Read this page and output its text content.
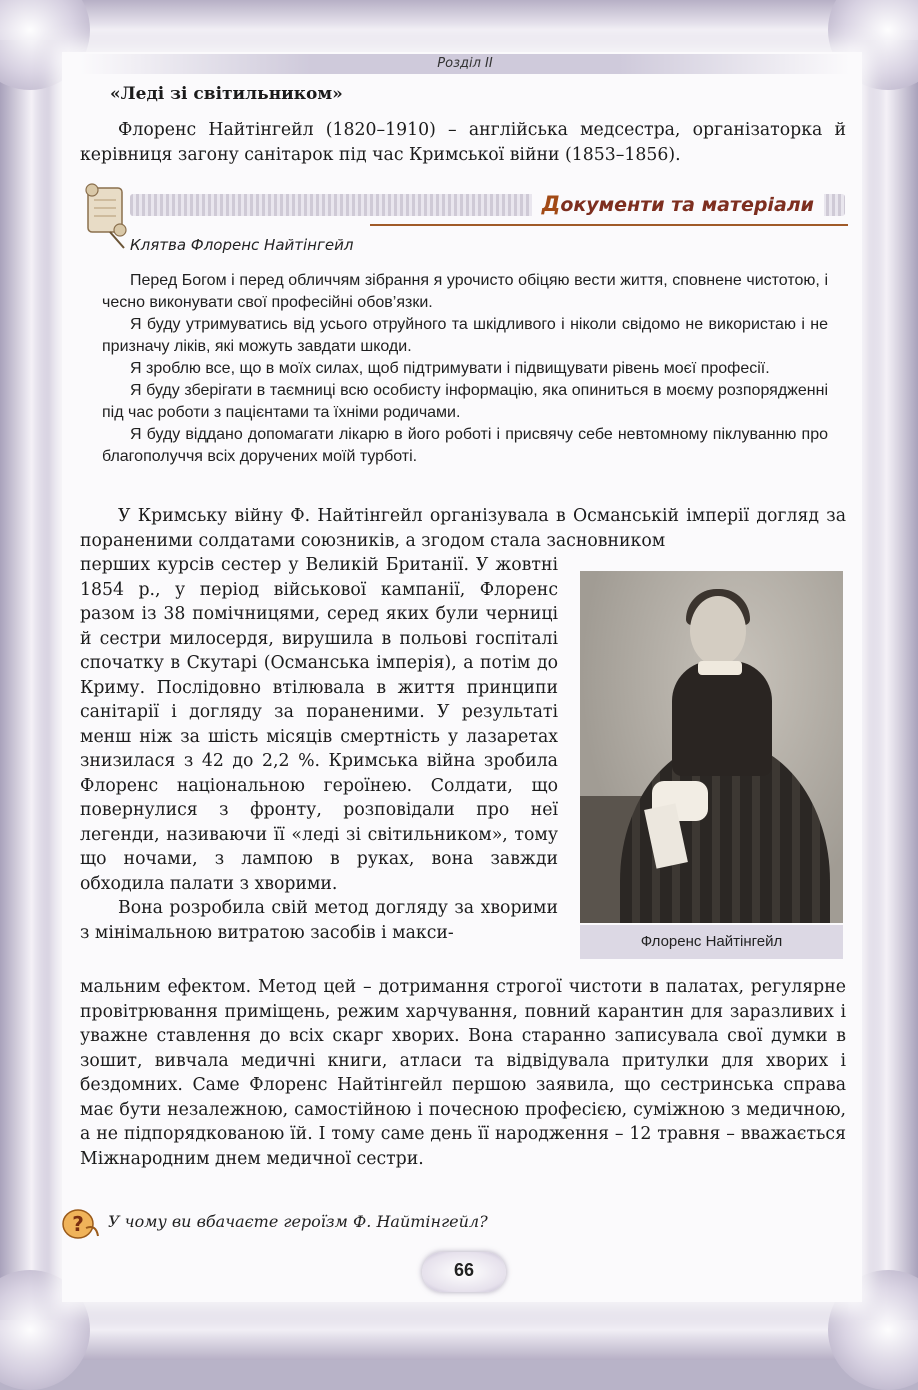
Розділ II
«Леді зі світильником»
Флоренс Найтінгейл (1820–1910) – англійська медсестра, організаторка й керівниця загону санітарок під час Кримської війни (1853–1856).
Документи та матеріали
Клятва Флоренс Найтінгейл

Перед Богом і перед обличчям зібрання я урочисто обіцяю вести життя, сповнене чистотою, і чесно виконувати свої професійні обов’язки.

Я буду утримуватись від усього отруйного та шкідливого і ніколи свідомо не використаю і не призначу ліків, які можуть завдати шкоди.

Я зроблю все, що в моїх силах, щоб підтримувати і підвищувати рівень моєї професії.

Я буду зберігати в таємниці всю особисту інформацію, яка опиниться в моєму розпорядженні під час роботи з пацієнтами та їхніми родичами.

Я буду віддано допомагати лікарю в його роботі і присвячу себе невтомному піклуванню про благополуччя всіх доручених моїй турботі.

У Кримську війну Ф. Найтінгейл організувала в Османській імперії догляд за пораненими солдатами союзників, а згодом стала засновником

перших курсів сестер у Великій Британії. У жовтні 1854 р., у період військової кампанії, Флоренс разом із 38 помічницями, серед яких були черниці й сестри милосердя, вирушила в польові госпіталі спочатку в Скутарі (Османська імперія), а потім до Криму. Послідовно втілювала в життя принципи санітарії і догляду за пораненими. У результаті менш ніж за шість місяців смертність у лазаретах знизилася з 42 до 2,2 %. Кримська війна зробила Флоренс національною героїнею. Солдати, що повернулися з фронту, розповідали про неї легенди, називаючи її «леді зі світильником», тому що ночами, з лампою в руках, вона завжди обходила палати з хворими.

Вона розробила свій метод догляду за хворими з мінімальною витратою засобів і макси-

мальним ефектом. Метод цей – дотримання строгої чистоти в палатах, регулярне провітрювання приміщень, режим харчування, повний карантин для заразливих і уважне ставлення до всіх скарг хворих. Вона старанно записувала свої думки в зошит, вивчала медичні книги, атласи та відвідувала притулки для хворих і бездомних. Саме Флоренс Найтінгейл першою заявила, що сестринська справа має бути незалежною, самостійною і почесною професією, суміжною з медичною, а не підпорядкованою їй. І тому саме день її народження – 12 травня – вважається Міжнародним днем медичної сестри.
Флоренс Найтінгейл
? У чому ви вбачаєте героїзм Ф. Найтінгейл?
66
